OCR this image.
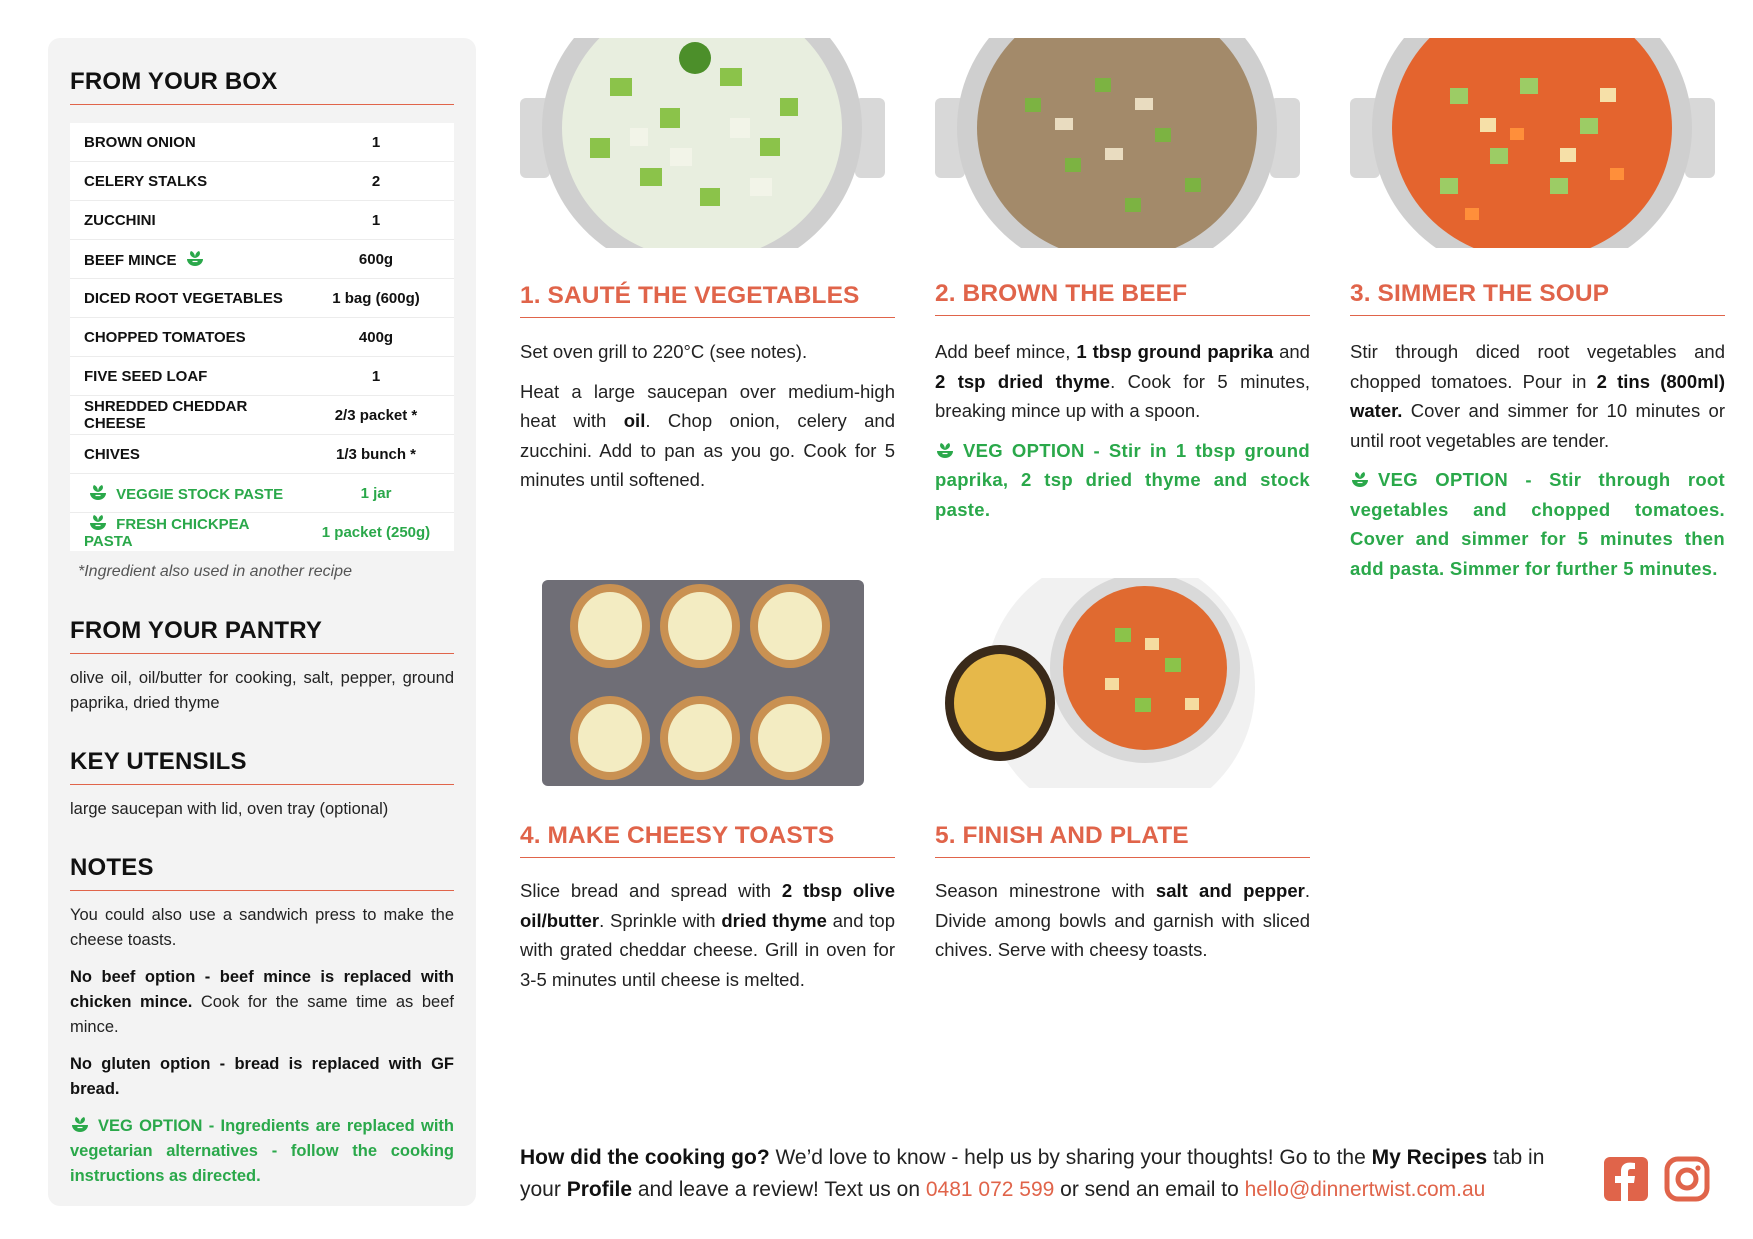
FROM YOUR BOX
BROWN ONION	1
CELERY STALKS	2
ZUCCHINI	1
BEEF MINCE	600g
DICED ROOT VEGETABLES	1 bag (600g)
CHOPPED TOMATOES	400g
FIVE SEED LOAF	1
SHREDDED CHEDDAR CHEESE	2/3 packet *
CHIVES	1/3 bunch *
VEGGIE STOCK PASTE	1 jar
FRESH CHICKPEA PASTA	1 packet (250g)
*Ingredient also used in another recipe
FROM YOUR PANTRY

olive oil, oil/butter for cooking, salt, pepper, ground paprika, dried thyme

KEY UTENSILS

large saucepan with lid, oven tray (optional)

NOTES

You could also use a sandwich press to make the cheese toasts.

No beef option - beef mince is replaced with chicken mince. Cook for the same time as beef mince.

No gluten option - bread is replaced with GF bread.

VEG OPTION - Ingredients are replaced with vegetarian alternatives - follow the cooking instructions as directed.

1. SAUTÉ THE VEGETABLES

Set oven grill to 220°C (see notes).

Heat a large saucepan over medium-high heat with oil. Chop onion, celery and zucchini. Add to pan as you go. Cook for 5 minutes until softened.

2. BROWN THE BEEF

Add beef mince, 1 tbsp ground paprika and 2 tsp dried thyme. Cook for 5 minutes, breaking mince up with a spoon.

VEG OPTION - Stir in 1 tbsp ground paprika, 2 tsp dried thyme and stock paste.
3. SIMMER THE SOUP

Stir through diced root vegetables and chopped tomatoes. Pour in 2 tins (800ml) water. Cover and simmer for 10 minutes or until root vegetables are tender.

VEG OPTION - Stir through root vegetables and chopped tomatoes. Cover and simmer for 5 minutes then add pasta. Simmer for further 5 minutes.
4. MAKE CHEESY TOASTS

Slice bread and spread with 2 tbsp olive oil/butter. Sprinkle with dried thyme and top with grated cheddar cheese. Grill in oven for 3-5 minutes until cheese is melted.

5. FINISH AND PLATE

Season minestrone with salt and pepper. Divide among bowls and garnish with sliced chives. Serve with cheesy toasts.

How did the cooking go? We’d love to know - help us by sharing your thoughts! Go to the My Recipes tab in your Profile and leave a review! Text us on 0481 072 599 or send an email to hello@dinnertwist.com.au
